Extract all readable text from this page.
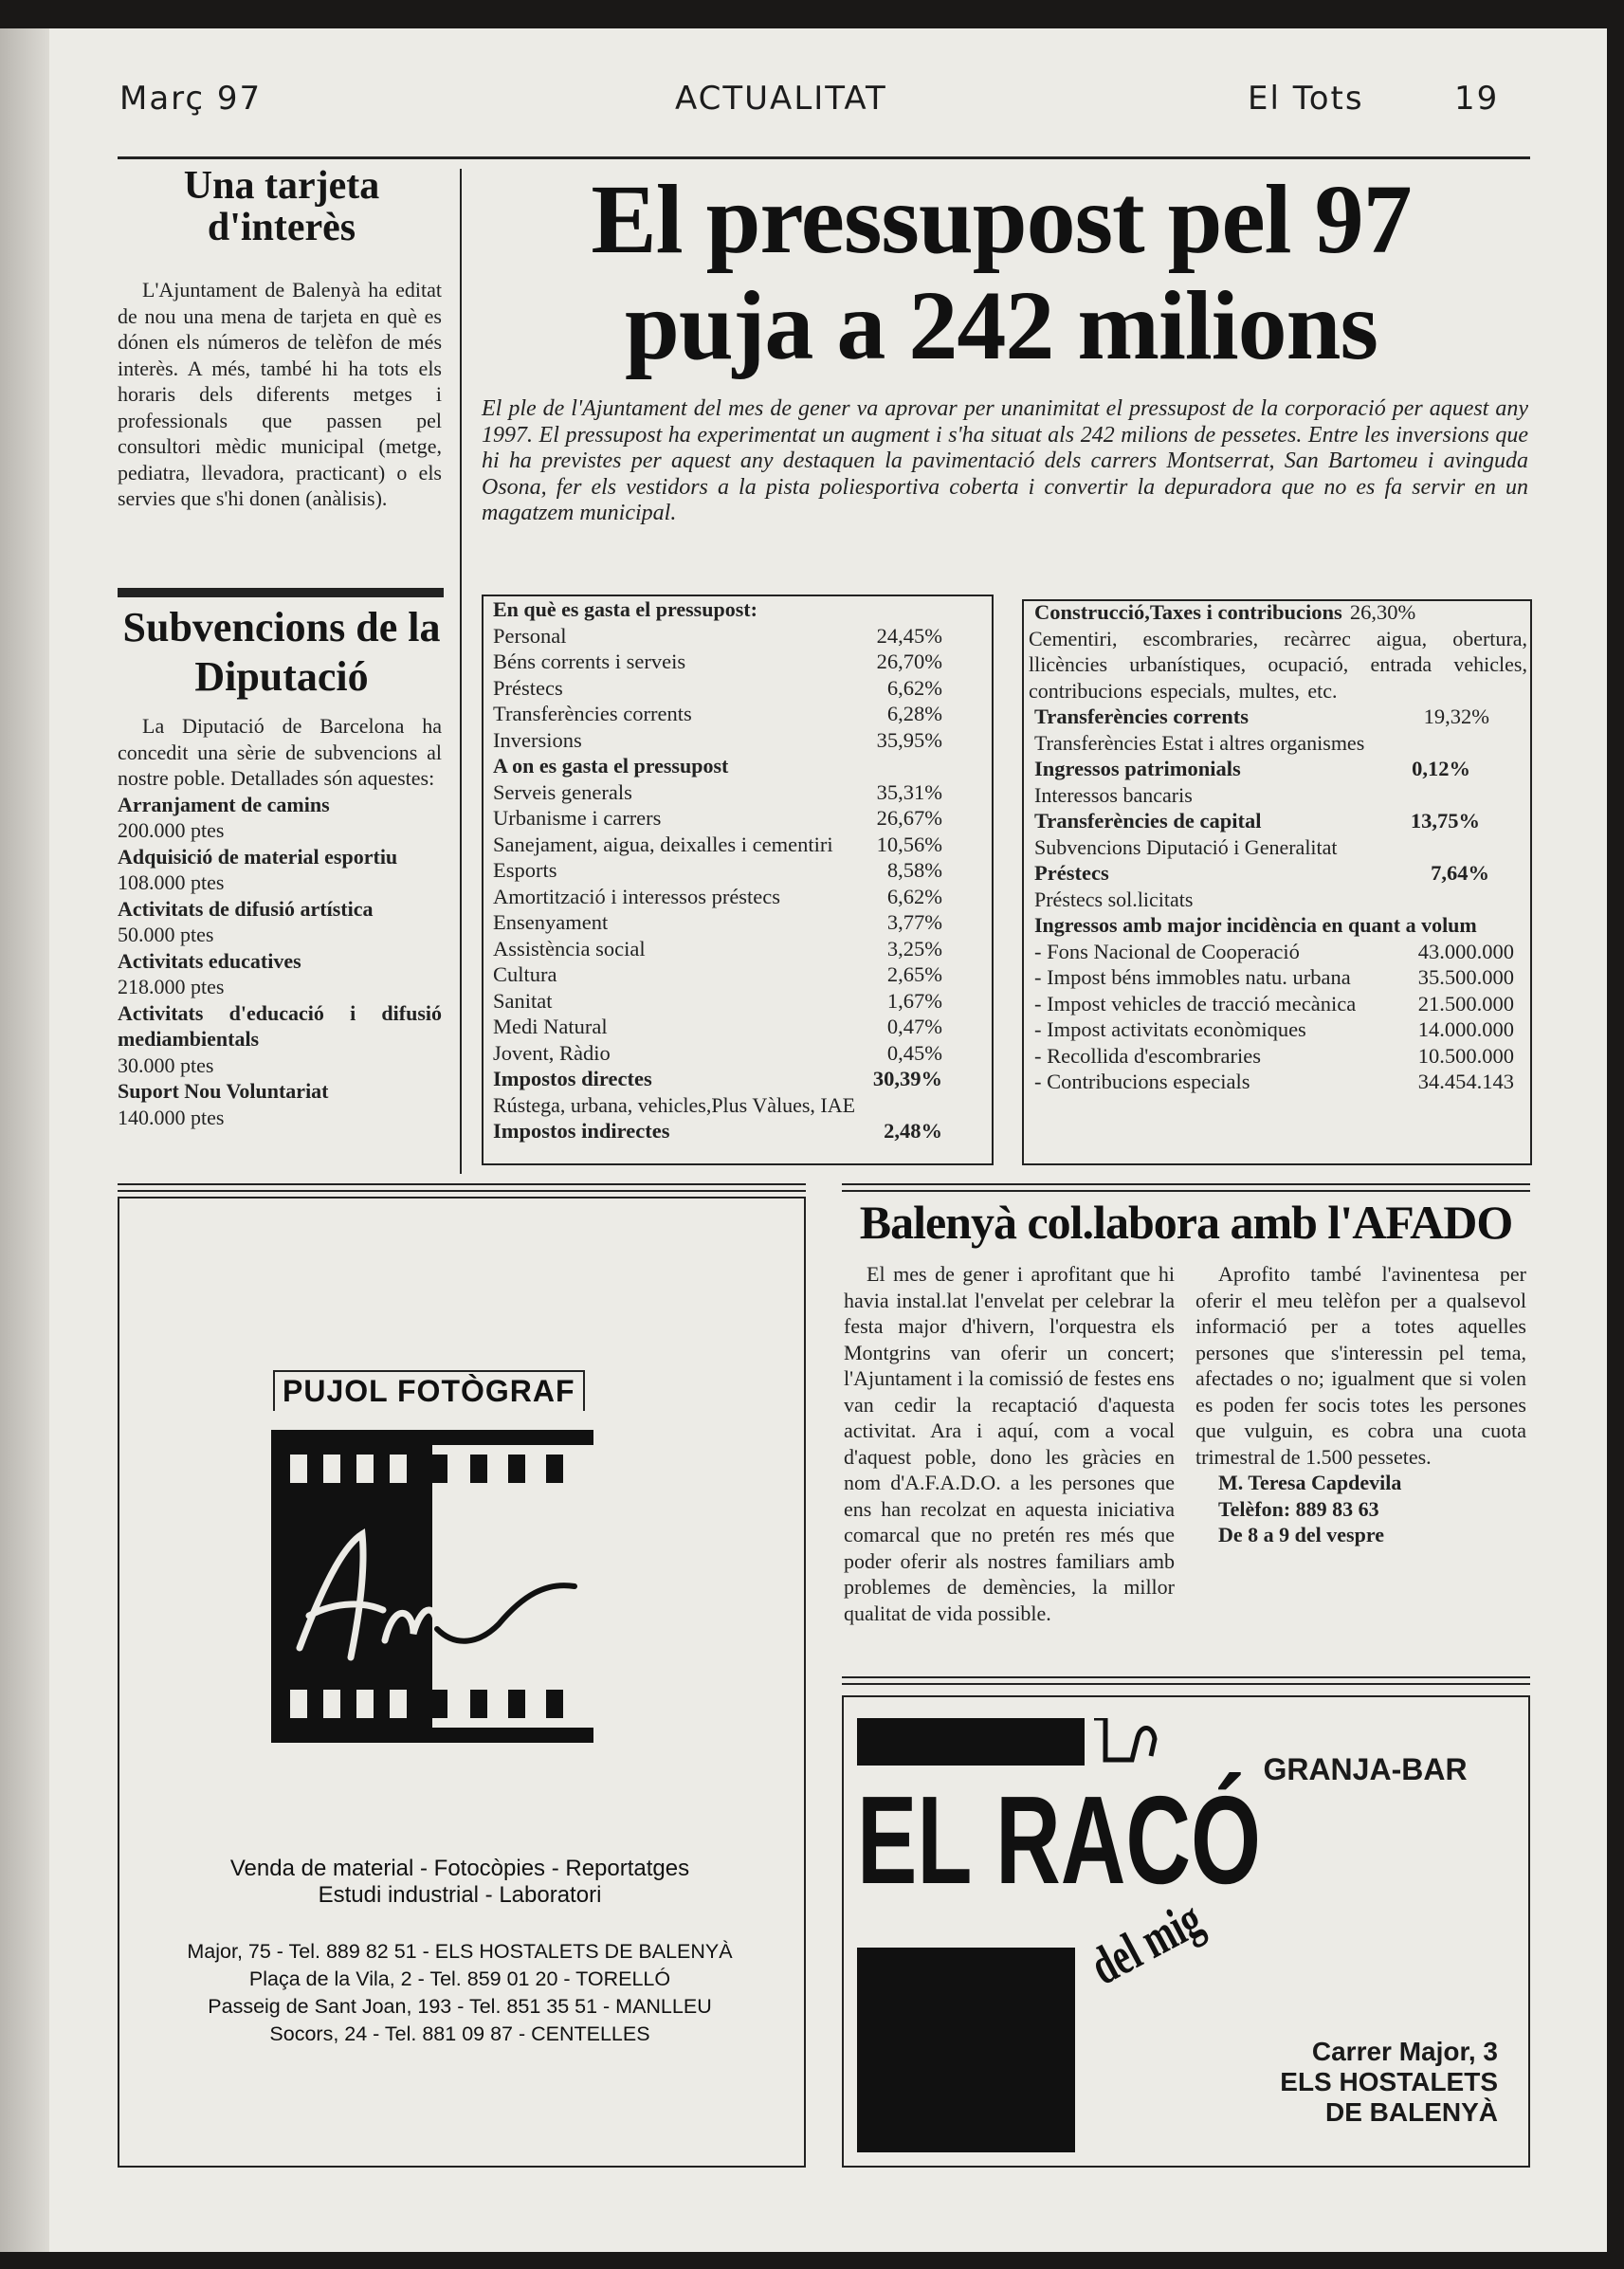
Març 97	ACTUALITAT	El Tots	19
Una tarjeta d'interès

L'Ajuntament de Balenyà ha editat de nou una mena de tarjeta en què es dónen els números de telèfon de més interès. A més, també hi ha tots els horaris dels diferents metges i professionals que passen pel consultori mèdic municipal (metge, pediatra, llevadora, practicant) o els servies que s'hi donen (anàlisis).

Subvencions de la Diputació

La Diputació de Barcelona ha concedit una sèrie de subvencions al nostre poble. Detallades són aquestes:

Arranjament de camins
200.000 ptes
Adquisició de material esportiu
108.000 ptes
Activitats de difusió artística
50.000 ptes
Activitats educatives
218.000 ptes
Activitats d'educació i difusió mediambientals
30.000 ptes
Suport Nou Voluntariat
140.000 ptes
El pressupost pel 97
puja a 242 milions
El ple de l'Ajuntament del mes de gener va aprovar per unanimitat el pressupost de la corporació per aquest any 1997. El pressupost ha experimentat un augment i s'ha situat als 242 milions de pessetes. Entre les inversions que hi ha previstes per aquest any destaquen la pavimentació dels carrers Montserrat, San Bartomeu i avinguda Osona, fer els vestidors a la pista poliesportiva coberta i convertir la depuradora que no es fa servir en un magatzem municipal.
En què es gasta el pressupost:
Personal	24,45%
Béns corrents i serveis	26,70%
Préstecs	6,62%
Transferències corrents	6,28%
Inversions	35,95%
A on es gasta el pressupost
Serveis generals	35,31%
Urbanisme i carrers	26,67%
Sanejament, aigua, deixalles i cementiri 10,56%
Esports	8,58%
Amortització i interessos préstecs	6,62%
Ensenyament	3,77%
Assistència social	3,25%
Cultura	2,65%
Sanitat	1,67%
Medi Natural	0,47%
Jovent, Ràdio	0,45%
Impostos directes	30,39%
Rústega, urbana, vehicles,Plus Vàlues, IAE
Impostos indirectes	2,48%
Construcció,Taxes i contribucions 26,30%
Cementiri, escombraries, recàrrec aigua, obertura, llicències urbanístiques, ocupació, entrada vehicles, contribucions especials, multes, etc.
Transferències corrents	19,32%
Transferències Estat i altres organismes
Ingressos patrimonials	0,12%
Interessos bancaris
Transferències de capital	13,75%
Subvencions Diputació i Generalitat
Préstecs	7,64%
Préstecs sol.licitats
Ingressos amb major incidència en quant a volum
- Fons Nacional de Cooperació	43.000.000
- Impost béns immobles natu. urbana	35.500.000
- Impost vehicles de tracció mecànica	21.500.000
- Impost activitats econòmiques	14.000.000
- Recollida d'escombraries	10.500.000
- Contribucions especials	34.454.143
Balenyà col.labora amb l'AFADO

El mes de gener i aprofitant que hi havia instal.lat l'envelat per celebrar la festa major d'hivern, l'orquestra els Montgrins van oferir un concert; l'Ajuntament i la comissió de festes ens van cedir la recaptació d'aquesta activitat. Ara i aquí, com a vocal d'aquest poble, dono les gràcies en nom d'A.F.A.D.O. a les persones que ens han recolzat en aquesta iniciativa comarcal que no pretén res més que poder oferir als nostres familiars amb problemes de demències, la millor qualitat de vida possible.

Aprofito també l'avinentesa per oferir el meu telèfon per a qualsevol informació per a totes aquelles persones que s'interessin pel tema, afectades o no; igualment que si volen es poden fer socis totes les persones que vulguin, es cobra una cuota trimestral de 1.500 pessetes.

M. Teresa Capdevila
Telèfon: 889 83 63
De 8 a 9 del vespre
PUJOL FOTÒGRAF
Venda de material - Fotocòpies - Reportatges
Estudi industrial - Laboratori
Major, 75 - Tel. 889 82 51 - ELS HOSTALETS DE BALENYÀ
Plaça de la Vila, 2 - Tel. 859 01 20 - TORELLÓ
Passeig de Sant Joan, 193 - Tel. 851 35 51 - MANLLEU
Socors, 24 - Tel. 881 09 87 - CENTELLES
EL RACÓ
del mig
GRANJA-BAR
Carrer Major, 3
ELS HOSTALETS
DE BALENYÀ
